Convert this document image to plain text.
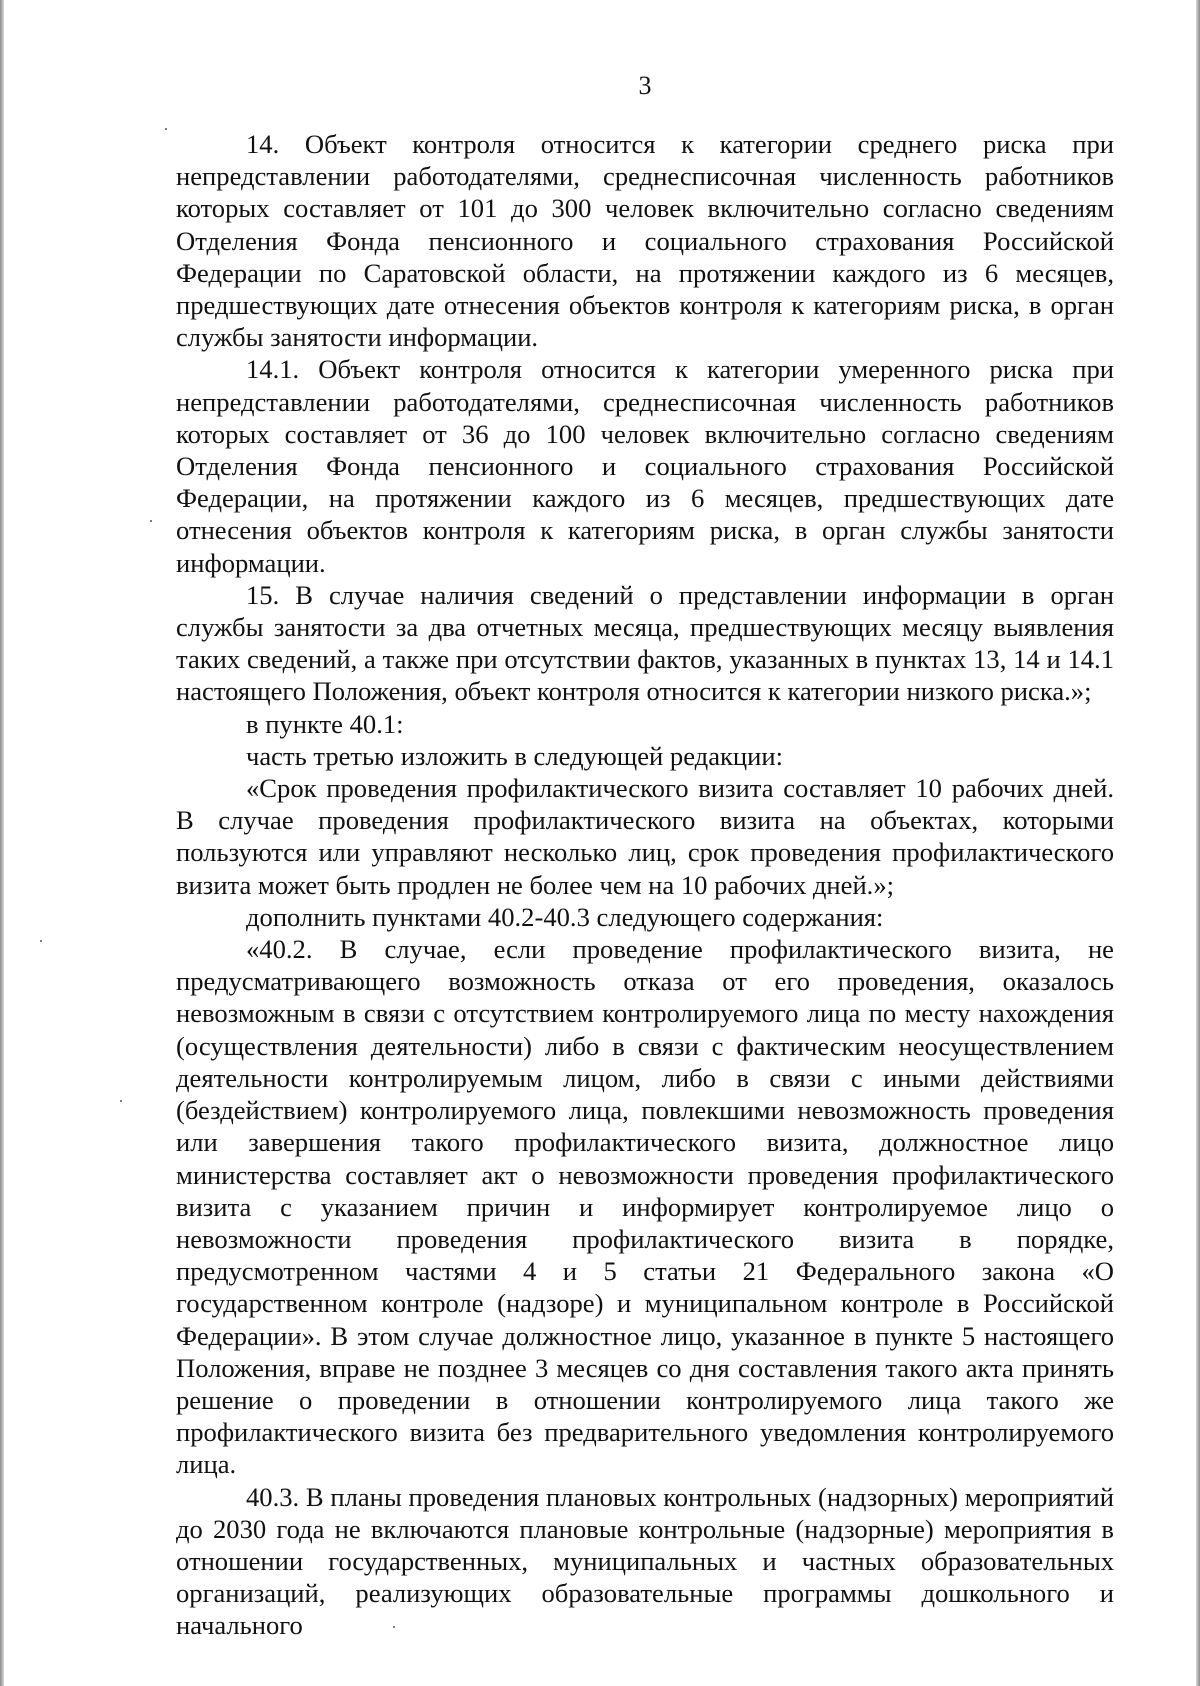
3

14. Объект контроля относится к категории среднего риска при непредставлении работодателями, среднесписочная численность работников которых составляет от 101 до 300 человек включительно согласно сведениям Отделения Фонда пенсионного и социального страхования Российской Федерации по Саратовской области, на протяжении каждого из 6 месяцев, предшествующих дате отнесения объектов контроля к категориям риска, в орган службы занятости информации.

14.1. Объект контроля относится к категории умеренного риска при непредставлении работодателями, среднесписочная численность работников которых составляет от 36 до 100 человек включительно согласно сведениям Отделения Фонда пенсионного и социального страхования Российской Федерации, на протяжении каждого из 6 месяцев, предшествующих дате отнесения объектов контроля к категориям риска, в орган службы занятости информации.

15. В случае наличия сведений о представлении информации в орган службы занятости за два отчетных месяца, предшествующих месяцу выявления таких сведений, а также при отсутствии фактов, указанных в пунктах 13, 14 и 14.1 настоящего Положения, объект контроля относится к категории низкого риска.»;

в пункте 40.1:

часть третью изложить в следующей редакции:

«Срок проведения профилактического визита составляет 10 рабочих дней. В случае проведения профилактического визита на объектах, которыми пользуются или управляют несколько лиц, срок проведения профилактического визита может быть продлен не более чем на 10 рабочих дней.»;

дополнить пунктами 40.2-40.3 следующего содержания:

«40.2. В случае, если проведение профилактического визита, не предусматривающего возможность отказа от его проведения, оказалось невозможным в связи с отсутствием контролируемого лица по месту нахождения (осуществления деятельности) либо в связи с фактическим неосуществлением деятельности контролируемым лицом, либо в связи с иными действиями (бездействием) контролируемого лица, повлекшими невозможность проведения или завершения такого профилактического визита, должностное лицо министерства составляет акт о невозможности проведения профилактического визита с указанием причин и информирует контролируемое лицо о невозможности проведения профилактического визита в порядке, предусмотренном частями 4 и 5 статьи 21 Федерального закона «О государственном контроле (надзоре) и муниципальном контроле в Российской Федерации». В этом случае должностное лицо, указанное в пункте 5 настоящего Положения, вправе не позднее 3 месяцев со дня составления такого акта принять решение о проведении в отношении контролируемого лица такого же профилактического визита без предварительного уведомления контролируемого лица.

40.3. В планы проведения плановых контрольных (надзорных) мероприятий до 2030 года не включаются плановые контрольные (надзорные) мероприятия в отношении государственных, муниципальных и частных образовательных организаций, реализующих образовательные программы дошкольного и начального
